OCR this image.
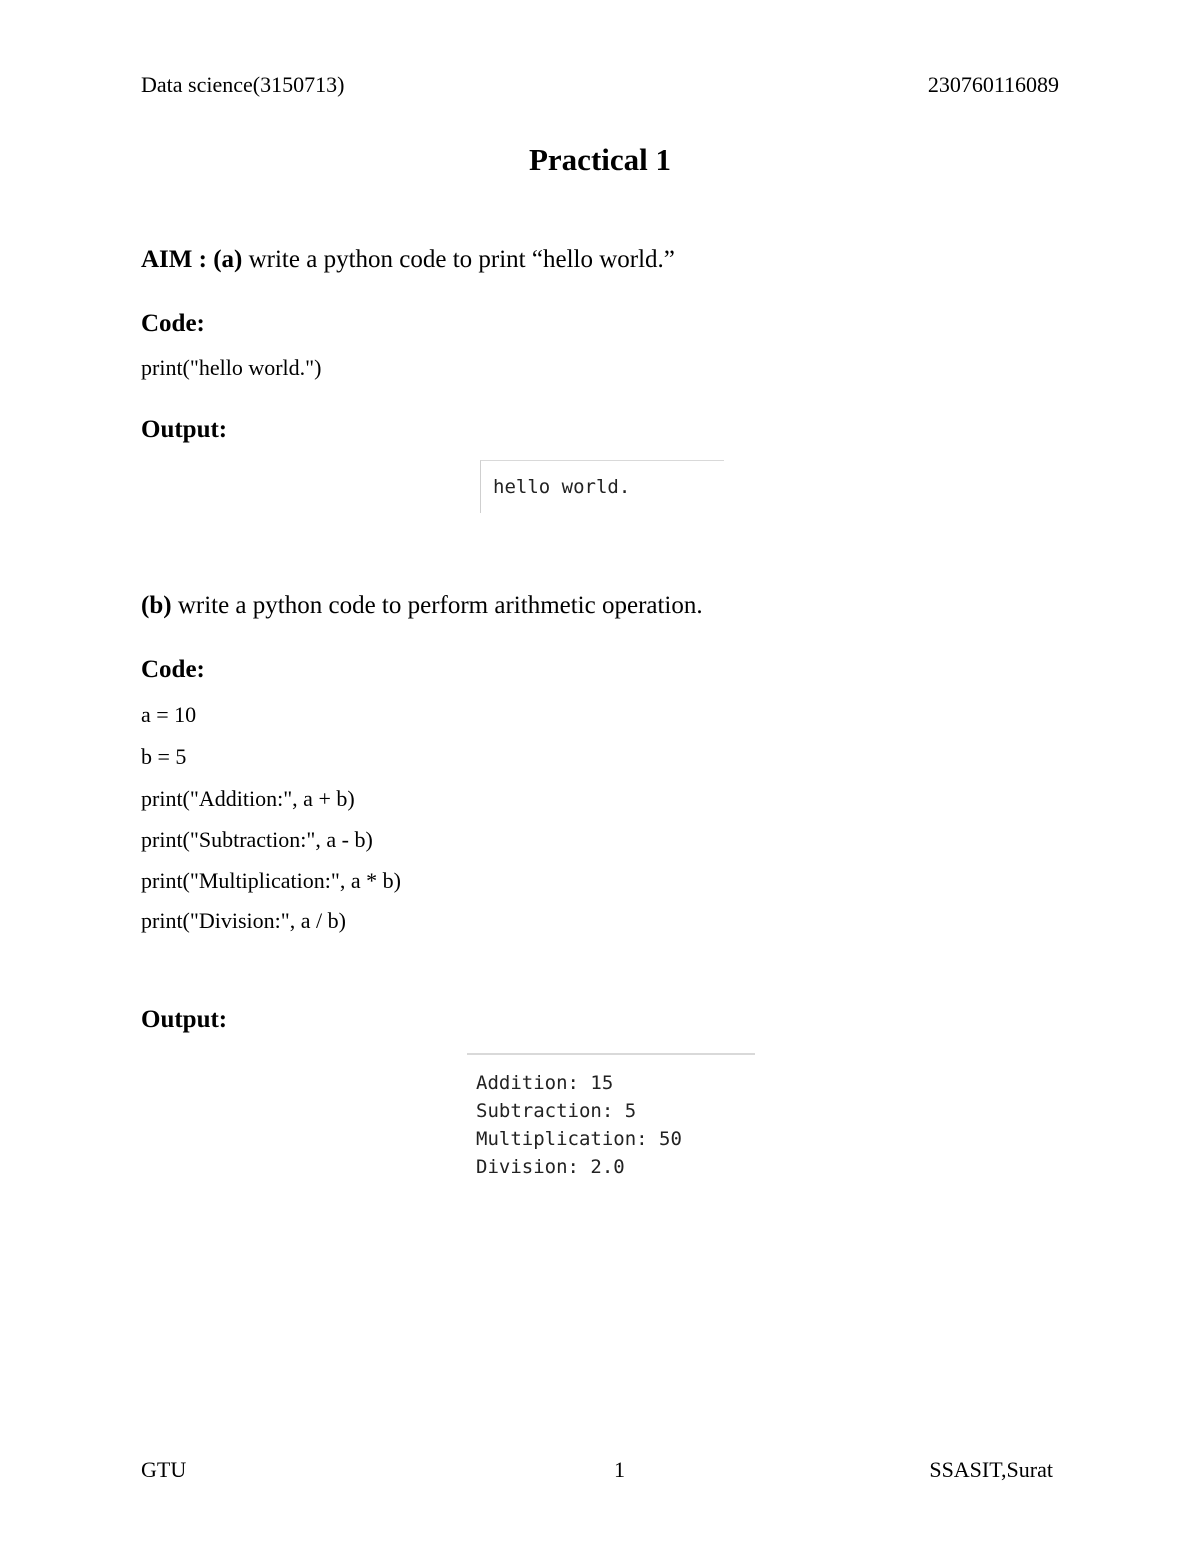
Data science(3150713)	230760116089
Practical 1
AIM : (a) write a python code to print “hello world.”
Code:
print("hello world.")
Output:
hello world.
(b) write a python code to perform arithmetic operation.
Code:
a = 10
b = 5
print("Addition:", a + b)
print("Subtraction:", a - b)
print("Multiplication:", a * b)
print("Division:", a / b)
Output:
Addition: 15
Subtraction: 5
Multiplication: 50
Division: 2.0
GTU	1	SSASIT,Surat
